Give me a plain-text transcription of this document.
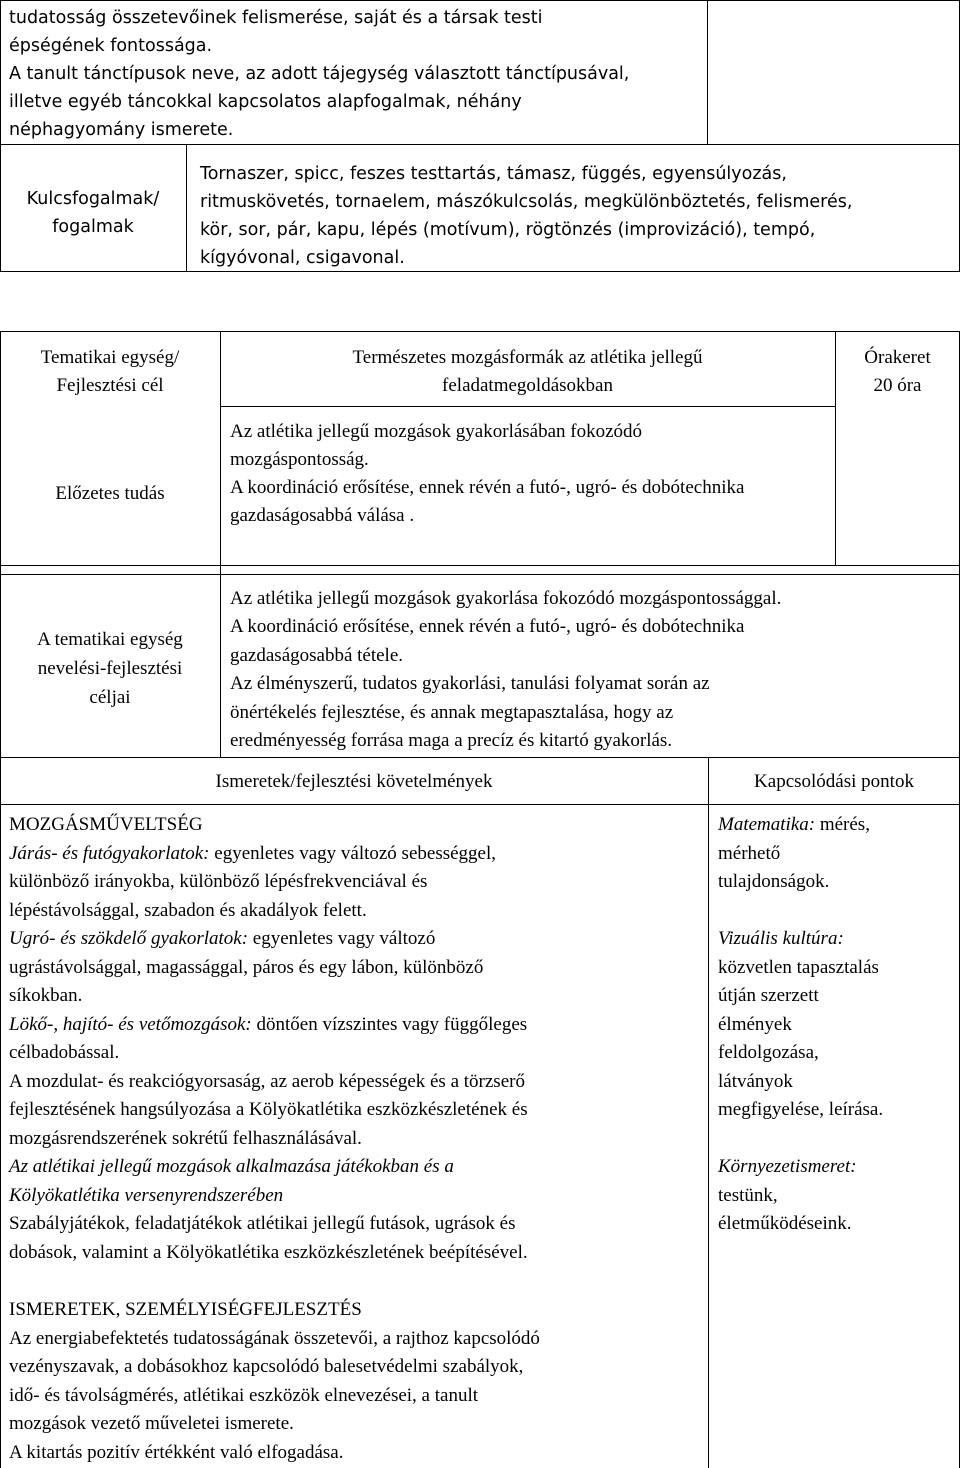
tudatosság összetevőinek felismerése, saját és a társak testi

épségének fontossága.

A tanult tánctípusok neve, az adott tájegység választott tánctípusával,

illetve egyéb táncokkal kapcsolatos alapfogalmak, néhány

néphagyomány ismerete.

Kulcsfogalmak/

fogalmak

Tornaszer, spicc, feszes testtartás, támasz, függés, egyensúlyozás,

ritmuskövetés, tornaelem, mászókulcsolás, megkülönböztetés, felismerés,

kör, sor, pár, kapu, lépés (motívum), rögtönzés (improvizáció), tempó,

kígyóvonal, csigavonal.

Tematikai egység/

Fejlesztési cél

Természetes mozgásformák az atlétika jellegű

feladatmegoldásokban

Órakeret

20 óra

Előzetes tudás

Az atlétika jellegű mozgások gyakorlásában fokozódó

mozgáspontosság.

A koordináció erősítése, ennek révén a futó-, ugró- és dobótechnika

gazdaságosabbá válása .

A tematikai egység

nevelési-fejlesztési

céljai

Az atlétika jellegű mozgások gyakorlása fokozódó mozgáspontossággal.

A koordináció erősítése, ennek révén a futó-, ugró- és dobótechnika

gazdaságosabbá tétele.

Az élményszerű, tudatos gyakorlási, tanulási folyamat során az

önértékelés fejlesztése, és annak megtapasztalása, hogy az

eredményesség forrása maga a precíz és kitartó gyakorlás.

Ismeretek/fejlesztési követelmények	Kapcsolódási pontok

MOZGÁSMŰVELTSÉG

Járás- és futógyakorlatok: egyenletes vagy változó sebességgel,

különböző irányokba, különböző lépésfrekvenciával és

lépéstávolsággal, szabadon és akadályok felett.

Ugró- és szökdelő gyakorlatok: egyenletes vagy változó

ugrástávolsággal, magassággal, páros és egy lábon, különböző

síkokban.

Lökő-, hajító- és vetőmozgások: döntően vízszintes vagy függőleges

célbadobással.

A mozdulat- és reakciógyorsaság, az aerob képességek és a törzserő

fejlesztésének hangsúlyozása a Kölyökatlétika eszközkészletének és

mozgásrendszerének sokrétű felhasználásával.

Az atlétikai jellegű mozgások alkalmazása játékokban és a

Kölyökatlétika versenyrendszerében

Szabályjátékok, feladatjátékok atlétikai jellegű futások, ugrások és

dobások, valamint a Kölyökatlétika eszközkészletének beépítésével.

ISMERETEK, SZEMÉLYISÉGFEJLESZTÉS

Az energiabefektetés tudatosságának összetevői, a rajthoz kapcsolódó

vezényszavak, a dobásokhoz kapcsolódó balesetvédelmi szabályok,

idő- és távolságmérés, atlétikai eszközök elnevezései, a tanult

mozgások vezető műveletei ismerete.

A kitartás pozitív értékként való elfogadása.

Matematika: mérés,

mérhető

tulajdonságok.

Vizuális kultúra:

közvetlen tapasztalás

útján szerzett

élmények

feldolgozása,

látványok

megfigyelése, leírása.

Környezetismeret:

testünk,

életműködéseink.
